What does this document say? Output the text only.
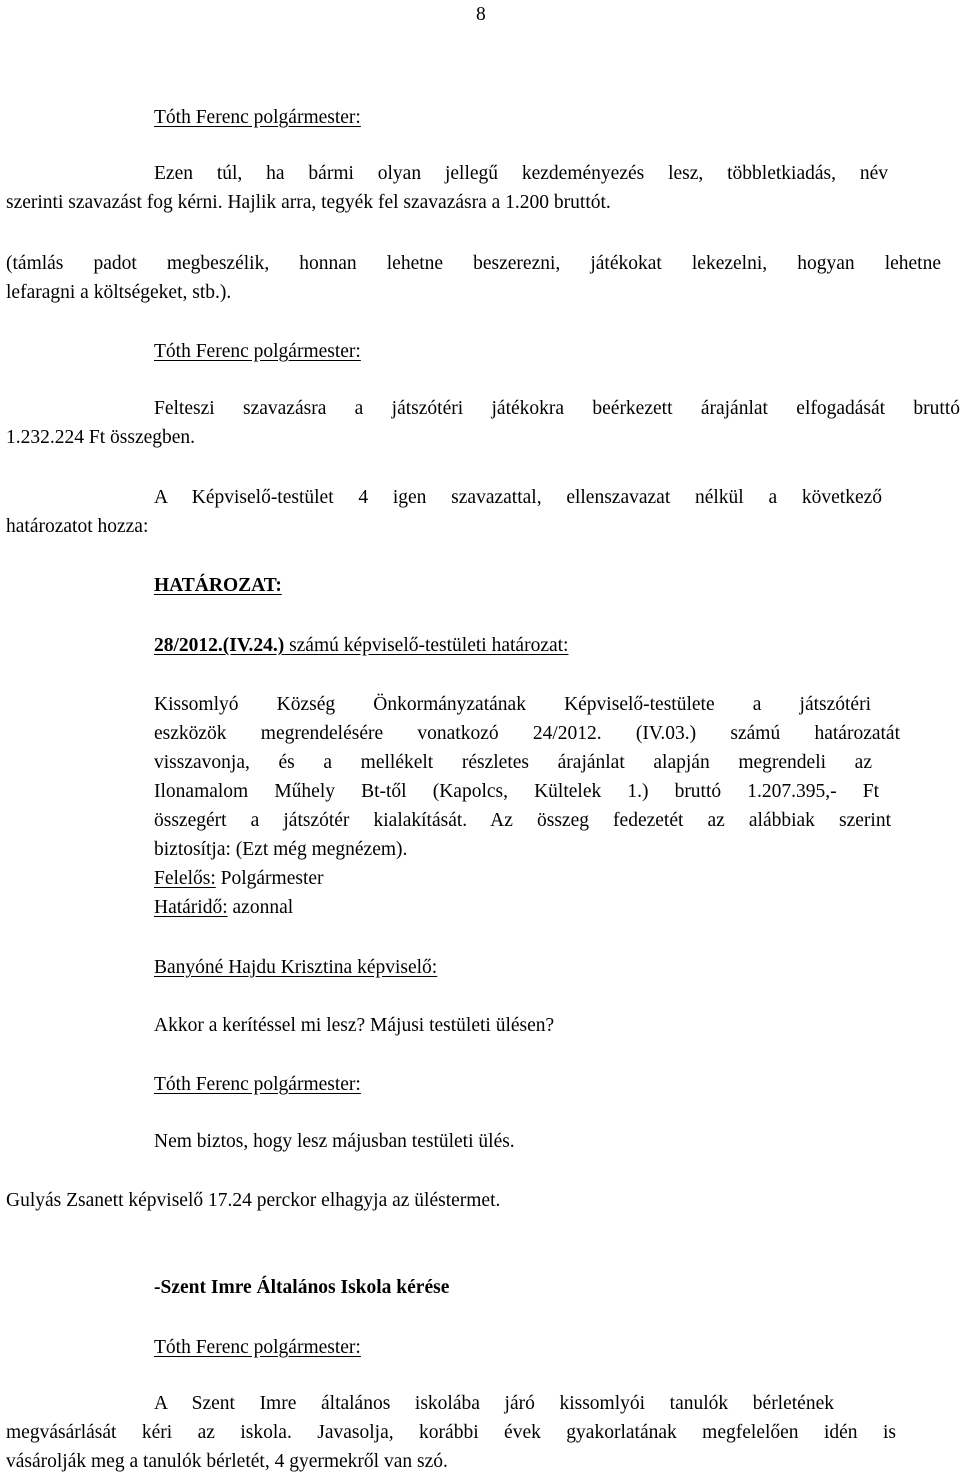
8
Tóth Ferenc polgármester:
Ezen túl, ha bármi olyan jellegű kezdeményezés lesz, többletkiadás, név
szerinti szavazást fog kérni. Hajlik arra, tegyék fel szavazásra a 1.200 bruttót.
(támlás padot megbeszélik, honnan lehetne beszerezni, játékokat lekezelni, hogyan lehetne
lefaragni a költségeket, stb.).
Tóth Ferenc polgármester:
Felteszi szavazásra a játszótéri játékokra beérkezett árajánlat elfogadását bruttó
1.232.224 Ft összegben.
A Képviselő-testület 4 igen szavazattal, ellenszavazat nélkül a következő
határozatot hozza:
HATÁROZAT:
28/2012.(IV.24.) számú képviselő-testületi határozat:
Kissomlyó Község Önkormányzatának Képviselő-testülete a játszótéri
eszközök megrendelésére vonatkozó 24/2012. (IV.03.) számú határozatát
visszavonja, és a mellékelt részletes árajánlat alapján megrendeli az
Ilonamalom Műhely Bt-től (Kapolcs, Kültelek 1.) bruttó 1.207.395,- Ft
összegért a játszótér kialakítását. Az összeg fedezetét az alábbiak szerint
biztosítja: (Ezt még megnézem).
Felelős: Polgármester
Határidő: azonnal
Banyóné Hajdu Krisztina képviselő:
Akkor a kerítéssel mi lesz? Májusi testületi ülésen?
Tóth Ferenc polgármester:
Nem biztos, hogy lesz májusban testületi ülés.
Gulyás Zsanett képviselő 17.24 perckor elhagyja az üléstermet.
-Szent Imre Általános Iskola kérése
Tóth Ferenc polgármester:
A Szent Imre általános iskolába járó kissomlyói tanulók bérletének
megvásárlását kéri az iskola. Javasolja, korábbi évek gyakorlatának megfelelően idén is
vásárolják meg a tanulók bérletét, 4 gyermekről van szó.
